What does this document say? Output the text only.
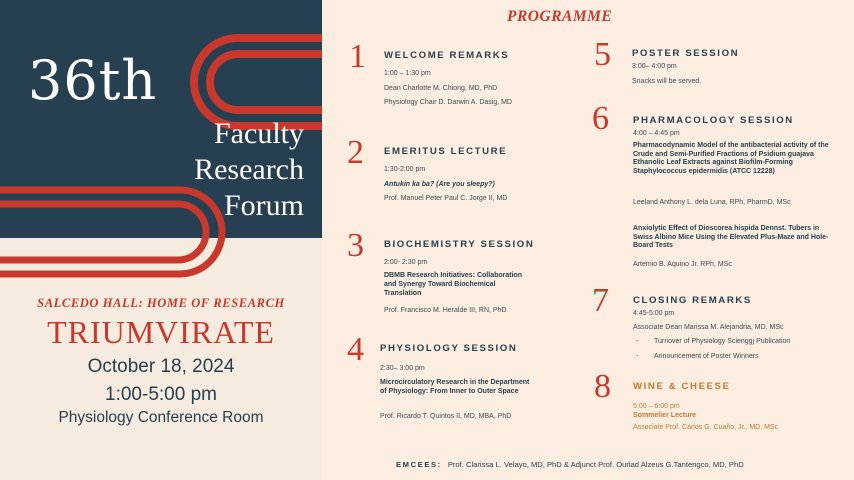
36th
Faculty
Research
Forum
SALCEDO HALL: HOME OF RESEARCH
TRIUMVIRATE
October 18, 2024
1:00-5:00 pm
Physiology Conference Room
PROGRAMME
1 WELCOME REMARKS
1:00 – 1:30 pm
Dean Charlotte M. Chiong, MD, PhD
Physiology Chair D. Darwin A. Dasig, MD
2 EMERITUS LECTURE
1:30-2:00 pm
Antukin ka ba? (Are you sleepy?)
Prof. Manuel Peter Paul C. Jorge II, MD
3 BIOCHEMISTRY SESSION
2:00- 2:30 pm
DBMB Research Initiatives: Collaboration and Synergy Toward Biochemical Translation
Prof. Francisco M. Heralde III, RN, PhD
4 PHYSIOLOGY SESSION
2:30– 3:00 pm
Microcirculatory Research in the Department of Physiology: From Inner to Outer Space
Prof. Ricardo T. Quintos II, MD, MBA, PhD
5 POSTER SESSION
3:00– 4:00 pm
Snacks will be served.
6	PHARMACOLOGY SESSION
4:00 – 4:45 pm
Pharmacodynamic Model of the antibacterial activity of the Crude and Semi-Purified Fractions of Psidium guajava Ethanolic Leaf Extracts against Biofilm-Forming Staphylococcus epidermidis (ATCC 12228)
Leeland Anthony L. dela Luna, RPh, PharmD, MSc
Anxiolytic Effect of Dioscorea hispida Dennst. Tubers in Swiss Albino Mice Using the Elevated Plus-Maze and Hole-Board Tests
Artemio B. Aquino Jr. RPh, MSc
7	CLOSING REMARKS
4:45-5:00 pm
Associate Dean Marissa M. Alejandria, MD, MSc
- Turnover of Physiology Scienggj Publication
- Announcement of Poster Winners
8 WINE & CHEESE
5:00 – 6:00 pm
Sommelier Lecture
Associate Prof. Carlos G. Cuaño, Jr., MD, MSc
EMCEES: Prof. Clarissa L. Velayo, MD, PhD & Adjunct Prof. Ourlad Alzeus G.Tantengco, MD, PhD
